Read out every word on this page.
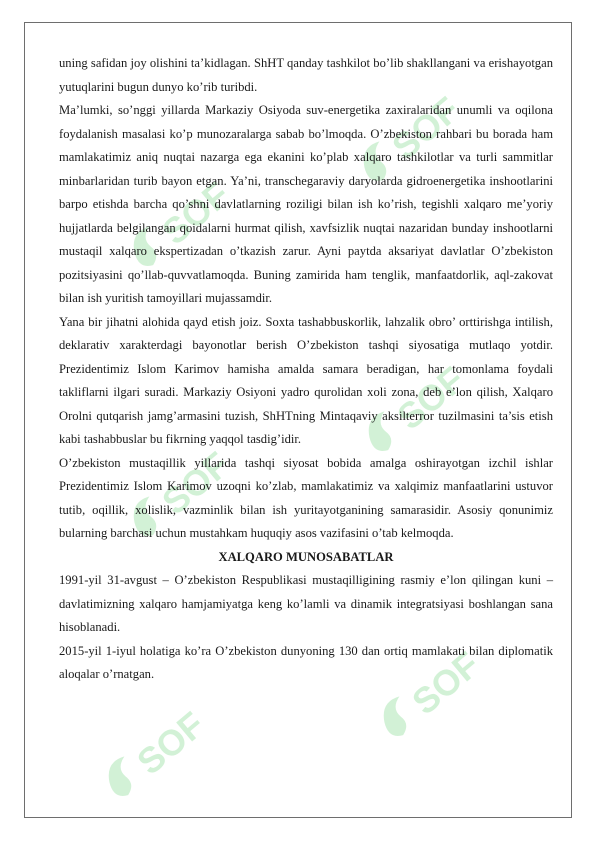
SOF
SOF
SOF
SOF
SOF
SOF

uning safidan joy olishini ta’kidlagan. ShHT qanday tashkilot bo’lib shakllangani va erishayotgan yutuqlarini bugun dunyo ko’rib turibdi.

Ma’lumki, so’nggi yillarda Markaziy Osiyoda suv-energetika zaxiralaridan unumli va oqilona foydalanish masalasi ko’p munozaralarga sabab bo’lmoqda. O’zbekiston rahbari bu borada ham mamlakatimiz aniq nuqtai nazarga ega ekanini ko’plab xalqaro tashkilotlar va turli sammitlar minbarlaridan turib bayon etgan. Ya’ni, transchegaraviy daryolarda gidroenergetika inshootlarini barpo etishda barcha qo’shni davlatlarning roziligi bilan ish ko’rish, tegishli xalqaro me’yoriy hujjatlarda belgilangan qoidalarni hurmat qilish, xavfsizlik nuqtai nazaridan bunday inshootlarni mustaqil xalqaro ekspertizadan o’tkazish zarur. Ayni paytda aksariyat davlatlar O’zbekiston pozitsiyasini qo’llab-quvvatlamoqda. Buning zamirida ham tenglik, manfaatdorlik, aql-zakovat bilan ish yuritish tamoyillari mujassamdir.

Yana bir jihatni alohida qayd etish joiz. Soxta tashabbuskorlik, lahzalik obro’ orttirishga intilish, deklarativ xarakterdagi bayonotlar berish O’zbekiston tashqi siyosatiga mutlaqo yotdir. Prezidentimiz Islom Karimov hamisha amalda samara beradigan, har tomonlama foydali takliflarni ilgari suradi. Markaziy Osiyoni yadro qurolidan xoli zona, deb e’lon qilish, Xalqaro Orolni qutqarish jamg’armasini tuzish, ShHTning Mintaqaviy aksilterror tuzilmasini ta’sis etish kabi tashabbuslar bu fikrning yaqqol tasdig’idir.

O’zbekiston mustaqillik yillarida tashqi siyosat bobida amalga oshirayotgan izchil ishlar Prezidentimiz Islom Karimov uzoqni ko’zlab, mamlakatimiz va xalqimiz manfaatlarini ustuvor tutib, oqillik, xolislik, vazminlik bilan ish yuritayotganining samarasidir. Asosiy qonunimiz bularning barchasi uchun mustahkam huquqiy asos vazifasini o’tab kelmoqda.

XALQARO MUNOSABATLAR

1991-yil 31-avgust – O’zbekiston Respublikasi mustaqilligining rasmiy e’lon qilingan kuni – davlatimizning xalqaro hamjamiyatga keng ko’lamli va dinamik integratsiyasi boshlangan sana hisoblanadi.

2015-yil 1-iyul holatiga ko’ra O’zbekiston dunyoning 130 dan ortiq mamlakati bilan diplomatik aloqalar o’rnatgan.
